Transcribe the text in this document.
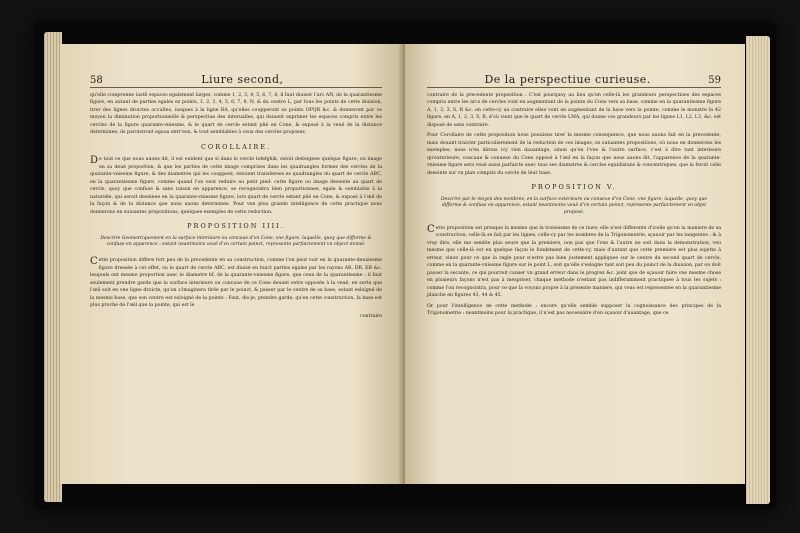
58	Liure second,

qu'elle comprenne iustẽ espaces egalement larges, comme 1, 2, 3, 4, 5, 6, 7, 8, il faut diuiser l'arc AN, de la quarantiesme figure, en autant de parties egales ez points, 1, 2, 3, 4, 5, 6, 7, 8, N, & du centre L, par tous les points de cette diuision, tirer des lignes droictes occultes, iusques à la ligne BA, qu'elles coupperont ez points OPQR &c. & donneront par ce moyen la diminution proportionnelle & perspectiue des interualles, qui doiuent exprimer les espaces compris entre les cercles de la figure quarante-vniesme, & le quart de cercle estant plié en Cone, & exposé à la veuë de la distance determinee, ils paroistront egaux entr'eux, & tout semblables à ceux des cercles proposez.

COROLLAIRE.

De tout ce que nous auons dit, il est euident que si dans le cercle bdefghik, estoit deßeignee quelque figure, ou image en sa deuë proportion, & que les parties de cette image comprises dans les quadrangles formez des cercles de la quarante-vniesme figure, & des diametres qui les couppent, estoient transferees es quadrangles du quart de cercle ABC, en la quarantiesme figure, comme quand l'on veut reduire au petit pied: cette figure ou image deseinte au quart de cercle, quoy que confuse & sans raison en apparence, se recognoistra bien proportionnee, egale & semblable à la naturelle, qui seroit deseinee en la quarante-vniesme figure, lors quart de cercle estant plié en Cone, & exposé à l'œil de la façon & de la distance que nous auons determinee. Pour vne plus grande intelligence de cette practique nous donnerons en suiuantes propositions, quelques exemples de cette reduction.

PROPOSITION IIII.
Descrire Geometriquement en la surface interieure ou concaue d'vn Cone, vne figure, laquelle, quoy que difforme & confuse en apparence : estant neantmoins veuë d'vn certain poinct, represente parfaictement vn object donné.

Cette proposition differe fort peu de la precedente en sa construction, comme l'on peut voir en la quarante-deuxiesme figure dressée à cet effet, ou le quart de cercle ABC, est diuisé en huict parties egales par les rayons AB, DB, EB &c. lesquels ont mesme proportion auec le diametre bf, de la quarante-vniesme figure, que ceux de la quarantiesme : il faut seulement prendre garde que la surface interieure ou concaue de ce Cone deuant estre opposée à la veuë, en sorte que l'œil soit en vne ligne droicte, qu'on s'imaginera tirée par le poinct, & passer par le centre de sa base, estant esloigné de la mesme base, que son centre est esloigné de la pointe : Faut, dis-je, prendre garde, qu'en cette construction, la base est plus proche de l'œil que la pointe, qui est le

contraire
De la perspectiue curieuse.	59

contraire de la precedente proposition : C'est pourquoy au lieu qu'en celle-là les grandeurs perspectiues des espaces compris entre les arcs de cercles vont en augmentant de la pointe du Cone vers sa base, comme en la quarantiesme figure A, 1, 2, 3, S, R &c. en cette-cy au contraire elles vont en augmentant de la base vers la pointe, comme le monstre la 42 figure, en A, 1, 2, 3, S, R, d'où vient que le quart de cercle LMA, qui donne ces grandeurs par les lignes L1, L2, L3, &c. est disposé de sens contraire.

Pour Corollaire de cette proposition nous pouuions tirer la mesme consequence, que nous auons fait en la precedente, mais deuant traicter particulierement de la reduction de ces images, ez suiuantes propositions, où nous en donnerons les exemples; nous n'en dirons icy rien dauantage, sinon qu'en l'vne & l'autre surface, c'est à dire tant interieure qu'exterieure, concaue & conuexe du Cone opposé à l'œil en la façon que nous auons dit, l'apparence de la quarante-vniesme figure sera veuë aussi parfaicte auec tous ses diametres & cercles equidistans & concentriques, que la feroit celle deseinte sur vn plan compris du cercle de leur base.

PROPOSITION V.
Descrire par le moyen des nombres, en la surface exterieure ou conuexe d'vn Cone, vne figure, laquelle, quoy que difforme & confuse en apparence, estant neantmoins veuë d'vn certain poinct, represente parfaictement vn objet proposé.

Cette proposition est presque la mesme que la troisiesme de ce liure; elle n'est differente d'icelle qu'en la maniere de sa construction; celle-là se fait par les lignes, celle-cy par les nombres de la Trigonometrie, sçauoir par les tangentes : & à vray dire, elle me semble plus seure que la premiere, non pas que l'vne & l'autre ne soit dans la demonstration, veu mesme que celle-là est en quelque façon le fondement de cette-cy, mais d'autant que cette premiere est plus sujette à erreur, sinon pour ce que la regle pour n'estre pas bien justement appliquee sur le centre du second quart de cercle, comme en la quarante-vniesme figure sur le point L, soit qu'elle s'eslogne tant soit peu du poinct de la diuision, par ou doit passer la secante, ce qui pourroit causer vn grand erreur dans le progrez &c. joint que de sçauoir faire vne mesme chose en plusieurs façons n'est pas à mespriser, chaque methode n'estant pas indifferamment practiquee à tous les sujets : comme l'on recognoistra, pour ce que la voyons propre à la presente maniere, qui vous est representée en la quarantiesme planche en figures 43, 44 & 45.

Or pour l'intelligence de cette methode : encore qu'elle semble supposer la cognoissance des principes de la Trigonometrie : neantmoins pour la practique, il n'est pas necessaire d'en sçauoir d'auantage, que ce
